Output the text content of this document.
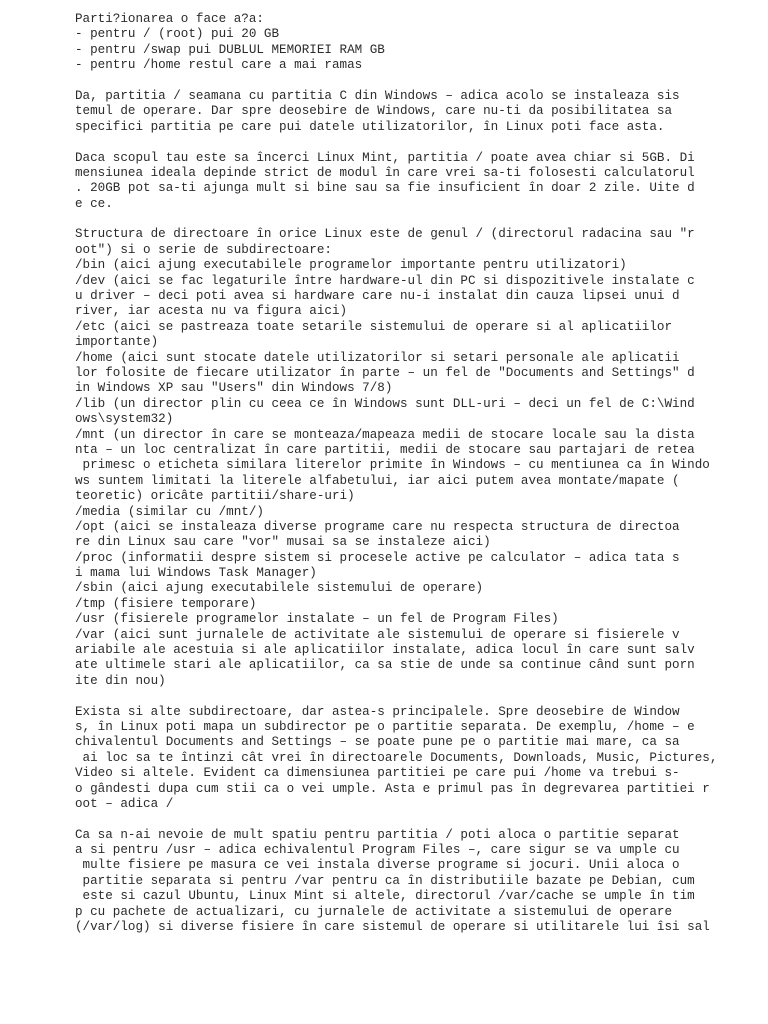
Parti?ionarea o face a?a:
- pentru / (root) pui 20 GB
- pentru /swap pui DUBLUL MEMORIEI RAM GB
- pentru /home restul care a mai ramas
Da, partitia / seamana cu partitia C din Windows – adica acolo se instaleaza sis
temul de operare. Dar spre deosebire de Windows, care nu-ti da posibilitatea sa
specifici partitia pe care pui datele utilizatorilor, în Linux poti face asta.
Daca scopul tau este sa încerci Linux Mint, partitia / poate avea chiar si 5GB. Di
mensiunea ideala depinde strict de modul în care vrei sa-ti folosesti calculatorul
. 20GB pot sa-ti ajunga mult si bine sau sa fie insuficient în doar 2 zile. Uite d
e ce.
Structura de directoare în orice Linux este de genul / (directorul radacina sau "r
oot") si o serie de subdirectoare:
/bin (aici ajung executabilele programelor importante pentru utilizatori)
/dev (aici se fac legaturile între hardware-ul din PC si dispozitivele instalate c
u driver – deci poti avea si hardware care nu-i instalat din cauza lipsei unui d
river, iar acesta nu va figura aici)
/etc (aici se pastreaza toate setarile sistemului de operare si al aplicatiilor
importante)
/home (aici sunt stocate datele utilizatorilor si setari personale ale aplicatii
lor folosite de fiecare utilizator în parte – un fel de "Documents and Settings" d
in Windows XP sau "Users" din Windows 7/8)
/lib (un director plin cu ceea ce în Windows sunt DLL-uri – deci un fel de C:\Wind
ows\system32)
/mnt (un director în care se monteaza/mapeaza medii de stocare locale sau la dista
nta – un loc centralizat în care partitii, medii de stocare sau partajari de retea
primesc o eticheta similara literelor primite în Windows – cu mentiunea ca în Windo
ws suntem limitati la literele alfabetului, iar aici putem avea montate/mapate (
teoretic) oricâte partitii/share-uri)
/media (similar cu /mnt/)
/opt (aici se instaleaza diverse programe care nu respecta structura de directoa
re din Linux sau care "vor" musai sa se instaleze aici)
/proc (informatii despre sistem si procesele active pe calculator – adica tata s
i mama lui Windows Task Manager)
/sbin (aici ajung executabilele sistemului de operare)
/tmp (fisiere temporare)
/usr (fisierele programelor instalate – un fel de Program Files)
/var (aici sunt jurnalele de activitate ale sistemului de operare si fisierele v
ariabile ale acestuia si ale aplicatiilor instalate, adica locul în care sunt salv
ate ultimele stari ale aplicatiilor, ca sa stie de unde sa continue când sunt porn
ite din nou)
Exista si alte subdirectoare, dar astea-s principalele. Spre deosebire de Window
s, în Linux poti mapa un subdirector pe o partitie separata. De exemplu, /home – e
chivalentul Documents and Settings – se poate pune pe o partitie mai mare, ca sa
ai loc sa te întinzi cât vrei în directoarele Documents, Downloads, Music, Pictures,
Video si altele. Evident ca dimensiunea partitiei pe care pui /home va trebui s-
o gândesti dupa cum stii ca o vei umple. Asta e primul pas în degrevarea partitiei r
oot – adica /
Ca sa n-ai nevoie de mult spatiu pentru partitia / poti aloca o partitie separat
a si pentru /usr – adica echivalentul Program Files –, care sigur se va umple cu
multe fisiere pe masura ce vei instala diverse programe si jocuri. Unii aloca o
partitie separata si pentru /var pentru ca în distributiile bazate pe Debian, cum
este si cazul Ubuntu, Linux Mint si altele, directorul /var/cache se umple în tim
p cu pachete de actualizari, cu jurnalele de activitate a sistemului de operare
(/var/log) si diverse fisiere în care sistemul de operare si utilitarele lui îsi sal
